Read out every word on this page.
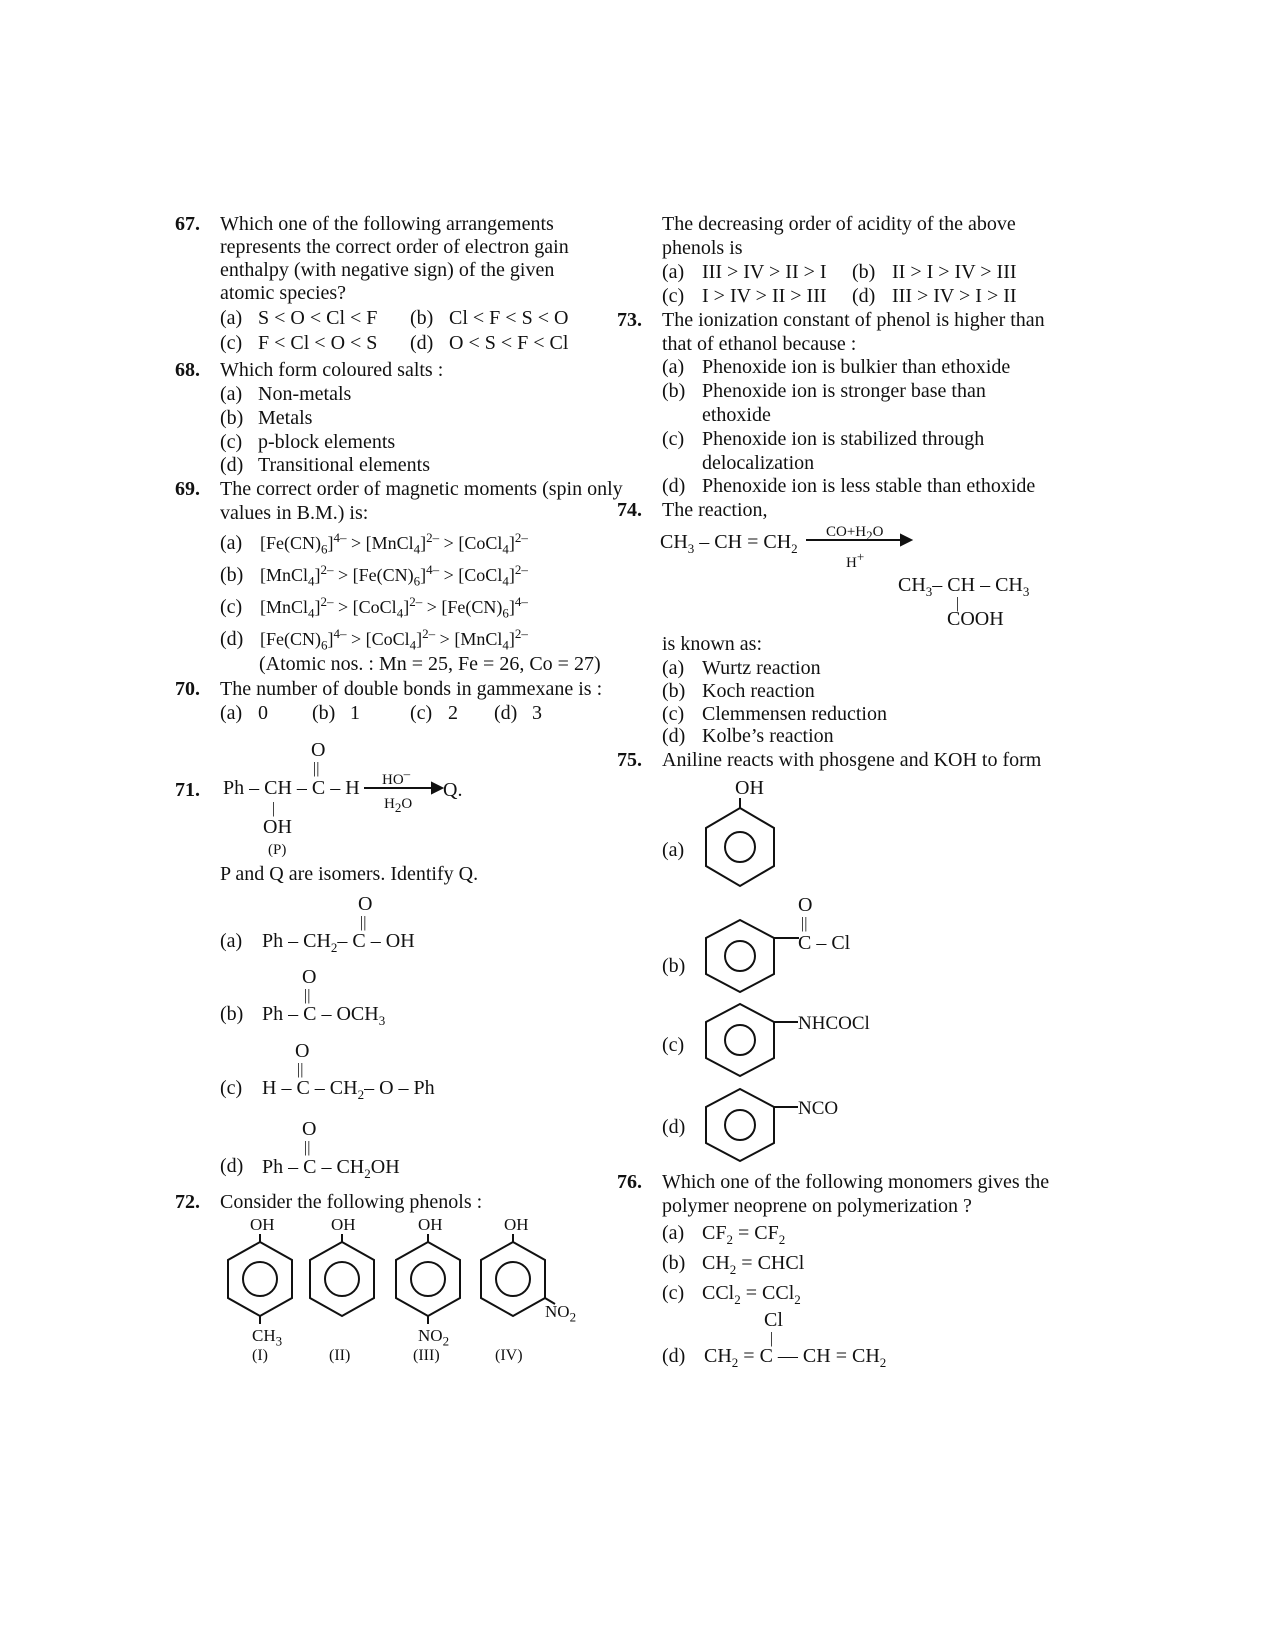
67. Which one of the following arrangements
represents the correct order of electron gain
enthalpy (with negative sign) of the given
atomic species?
(a) S < O < Cl < F (b) Cl < F < S < O
(c) F < Cl < O < S (d) O < S < F < Cl
68. Which form coloured salts :
(a) Non-metals
(b) Metals
(c) p-block elements
(d) Transitional elements
69. The correct order of magnetic moments (spin only
values in B.M.) is:
(a) $[Fe(CN)_6]^{4-}$ > [MnCl$_4$]$^{2-}$ > [CoCl$_4$]$^{2-}$
(b) [MnCl$_4$]$^{2-}$ > $[Fe(CN)_6]^{4-}$ > [CoCl$_4$]$^{2-}$
(c) [MnCl$_4$]$^{2-}$ > [CoCl$_4$]$^{2-}$ > $[Fe(CN)_6]^{4-}$
(d) $[Fe(CN)_6]^{4-}$ > [CoCl$_4$]$^{2-}$ > [MnCl$_4$]$^{2-}$
(Atomic nos. : Mn = 25, Fe = 26, Co = 27)
70. The number of double bonds in gammexane is :
(a) 0 (b) 1	(c) 2 (d) 3
O
||
71. Ph – CH – C – H HO–
$H_2O$
Q.
|
OH
(P)
P and Q are isomers. Identify Q.
O
||
(a) Ph – $CH_2-$ C – OH
O
||
(b) Ph – C – $OCH_3$
O
||
(c) H – C – $CH_2-$ O – Ph
O
||
(d) Ph – C – $CH_2OH$
72. Consider the following phenols :
OH
$CH_3$
(I)
OH
(II)
OH
$NO_2$
(III)
OH
$NO_2$
(IV)
The decreasing order of acidity of the above
phenols is
(a) III > IV > II > I (b) II > I > IV > III
(c) I > IV > II > III (d) III > IV > I > II
73. The ionization constant of phenol is higher than
that of ethanol because :
(a) Phenoxide ion is bulkier than ethoxide
(b) Phenoxide ion is stronger base than
ethoxide
(c) Phenoxide ion is stabilized through
delocalization
(d) Phenoxide ion is less stable than ethoxide
74. The reaction,
$CH_3$ – CH = $CH_2$
$CO+H_2O$
H+
$CH_3-$ CH – $CH_3$
|
COOH
is known as:
(a) Wurtz reaction
(b) Koch reaction
(c) Clemmensen reduction
(d) Kolbe’s reaction
75. Aniline reacts with phosgene and KOH to form
OH
(a)
O
||
C – Cl
(b)
NHCOCl
(c)
NCO
(d)
76. Which one of the following monomers gives the
polymer neoprene on polymerization ?
(a) $CF_2 = CF_2$
(b) $CH_2$ = CHCl
(c) CCl$_2$ = CCl$_2$
Cl
|
(d) $CH_2 = C$ — CH = $CH_2$
